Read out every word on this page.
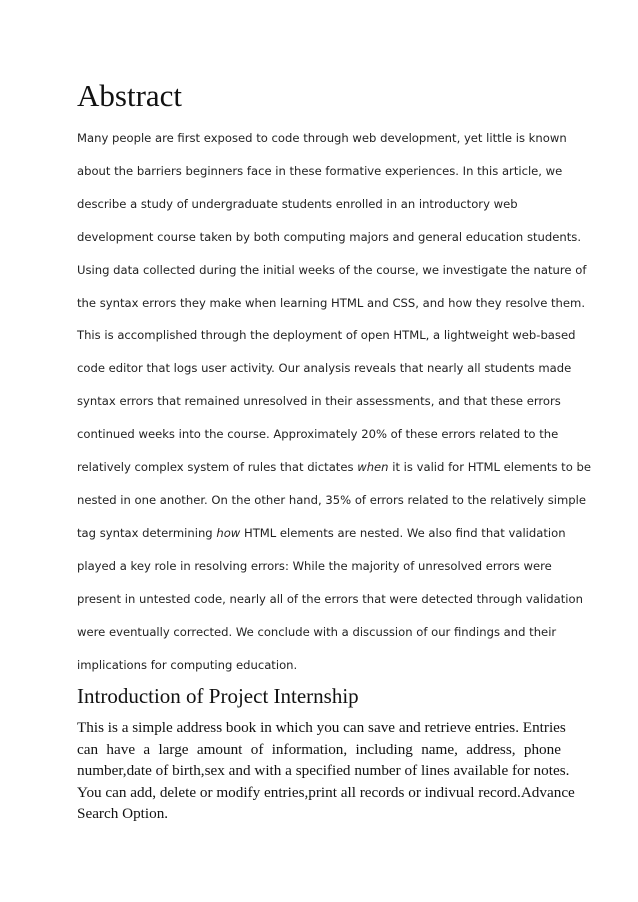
Abstract
Many people are first exposed to code through web development, yet little is known
about the barriers beginners face in these formative experiences. In this article, we
describe a study of undergraduate students enrolled in an introductory web
development course taken by both computing majors and general education students.
Using data collected during the initial weeks of the course, we investigate the nature of
the syntax errors they make when learning HTML and CSS, and how they resolve them.
This is accomplished through the deployment of open HTML, a lightweight web-based
code editor that logs user activity. Our analysis reveals that nearly all students made
syntax errors that remained unresolved in their assessments, and that these errors
continued weeks into the course. Approximately 20% of these errors related to the
relatively complex system of rules that dictates when it is valid for HTML elements to be
nested in one another. On the other hand, 35% of errors related to the relatively simple
tag syntax determining how HTML elements are nested. We also find that validation
played a key role in resolving errors: While the majority of unresolved errors were
present in untested code, nearly all of the errors that were detected through validation
were eventually corrected. We conclude with a discussion of our findings and their
implications for computing education.
Introduction of Project Internship
This is a simple address book in which you can save and retrieve entries. Entries
can have a large amount of information, including name, address, phone
number,date of birth,sex and with a specified number of lines available for notes.
You can add, delete or modify entries,print all records or indivual record.Advance
Search Option.
